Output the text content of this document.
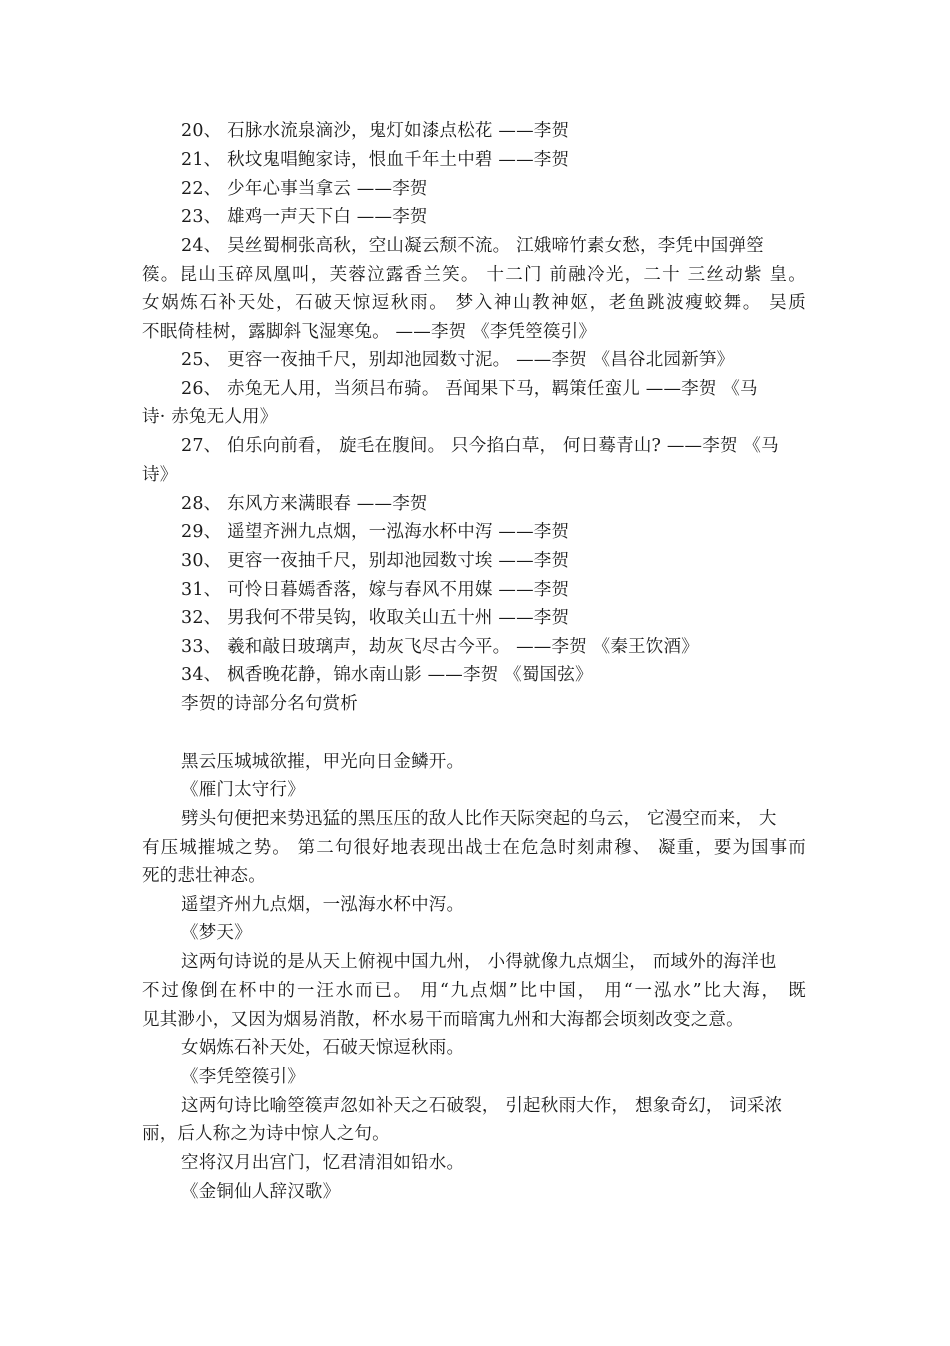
20、 石脉水流泉滴沙，鬼灯如漆点松花 ——李贺
21、 秋坟鬼唱鲍家诗，恨血千年土中碧 ——李贺
22、 少年心事当拿云 ——李贺
23、 雄鸡一声天下白 ——李贺
24、 吴丝蜀桐张高秋，空山凝云颓不流。 江娥啼竹素女愁，李凭中国弹箜
篌。昆山玉碎凤凰叫，芙蓉泣露香兰笑。 十二门 前融冷光，二十 三丝动紫 皇。
女娲炼石补天处，石破天惊逗秋雨。 梦入神山教神妪，老鱼跳波瘦蛟舞。 吴质
不眠倚桂树，露脚斜飞湿寒兔。 ——李贺 《李凭箜篌引》
25、 更容一夜抽千尺，别却池园数寸泥。 ——李贺 《昌谷北园新笋》
26、 赤兔无人用，当须吕布骑。 吾闻果下马，羁策任蛮儿 ——李贺 《马
诗· 赤兔无人用》
27、 伯乐向前看， 旋毛在腹间。 只今掐白草， 何日蓦青山? ——李贺 《马
诗》
28、 东风方来满眼春 ——李贺
29、 遥望齐洲九点烟，一泓海水杯中泻 ——李贺
30、 更容一夜抽千尺，别却池园数寸埃 ——李贺
31、 可怜日暮嫣香落，嫁与春风不用媒 ——李贺
32、 男我何不带吴钩，收取关山五十州 ——李贺
33、 羲和敲日玻璃声，劫灰飞尽古今平。 ——李贺 《秦王饮酒》
34、 枫香晚花静，锦水南山影 ——李贺 《蜀国弦》
李贺的诗部分名句赏析
黑云压城城欲摧，甲光向日金鳞开。
《雁门太守行》
劈头句便把来势迅猛的黑压压的敌人比作天际突起的乌云， 它漫空而来， 大
有压城摧城之势。 第二句很好地表现出战士在危急时刻肃穆、 凝重，要为国事而
死的悲壮神态。
遥望齐州九点烟，一泓海水杯中泻。
《梦天》
这两句诗说的是从天上俯视中国九州， 小得就像九点烟尘， 而域外的海洋也
不过像倒在杯中的一汪水而已。 用“九点烟”比中国， 用“一泓水”比大海， 既
见其渺小，又因为烟易消散，杯水易干而暗寓九州和大海都会顷刻改变之意。
女娲炼石补天处，石破天惊逗秋雨。
《李凭箜篌引》
这两句诗比喻箜篌声忽如补天之石破裂， 引起秋雨大作， 想象奇幻， 词采浓
丽，后人称之为诗中惊人之句。
空将汉月出宫门，忆君清泪如铅水。
《金铜仙人辞汉歌》
